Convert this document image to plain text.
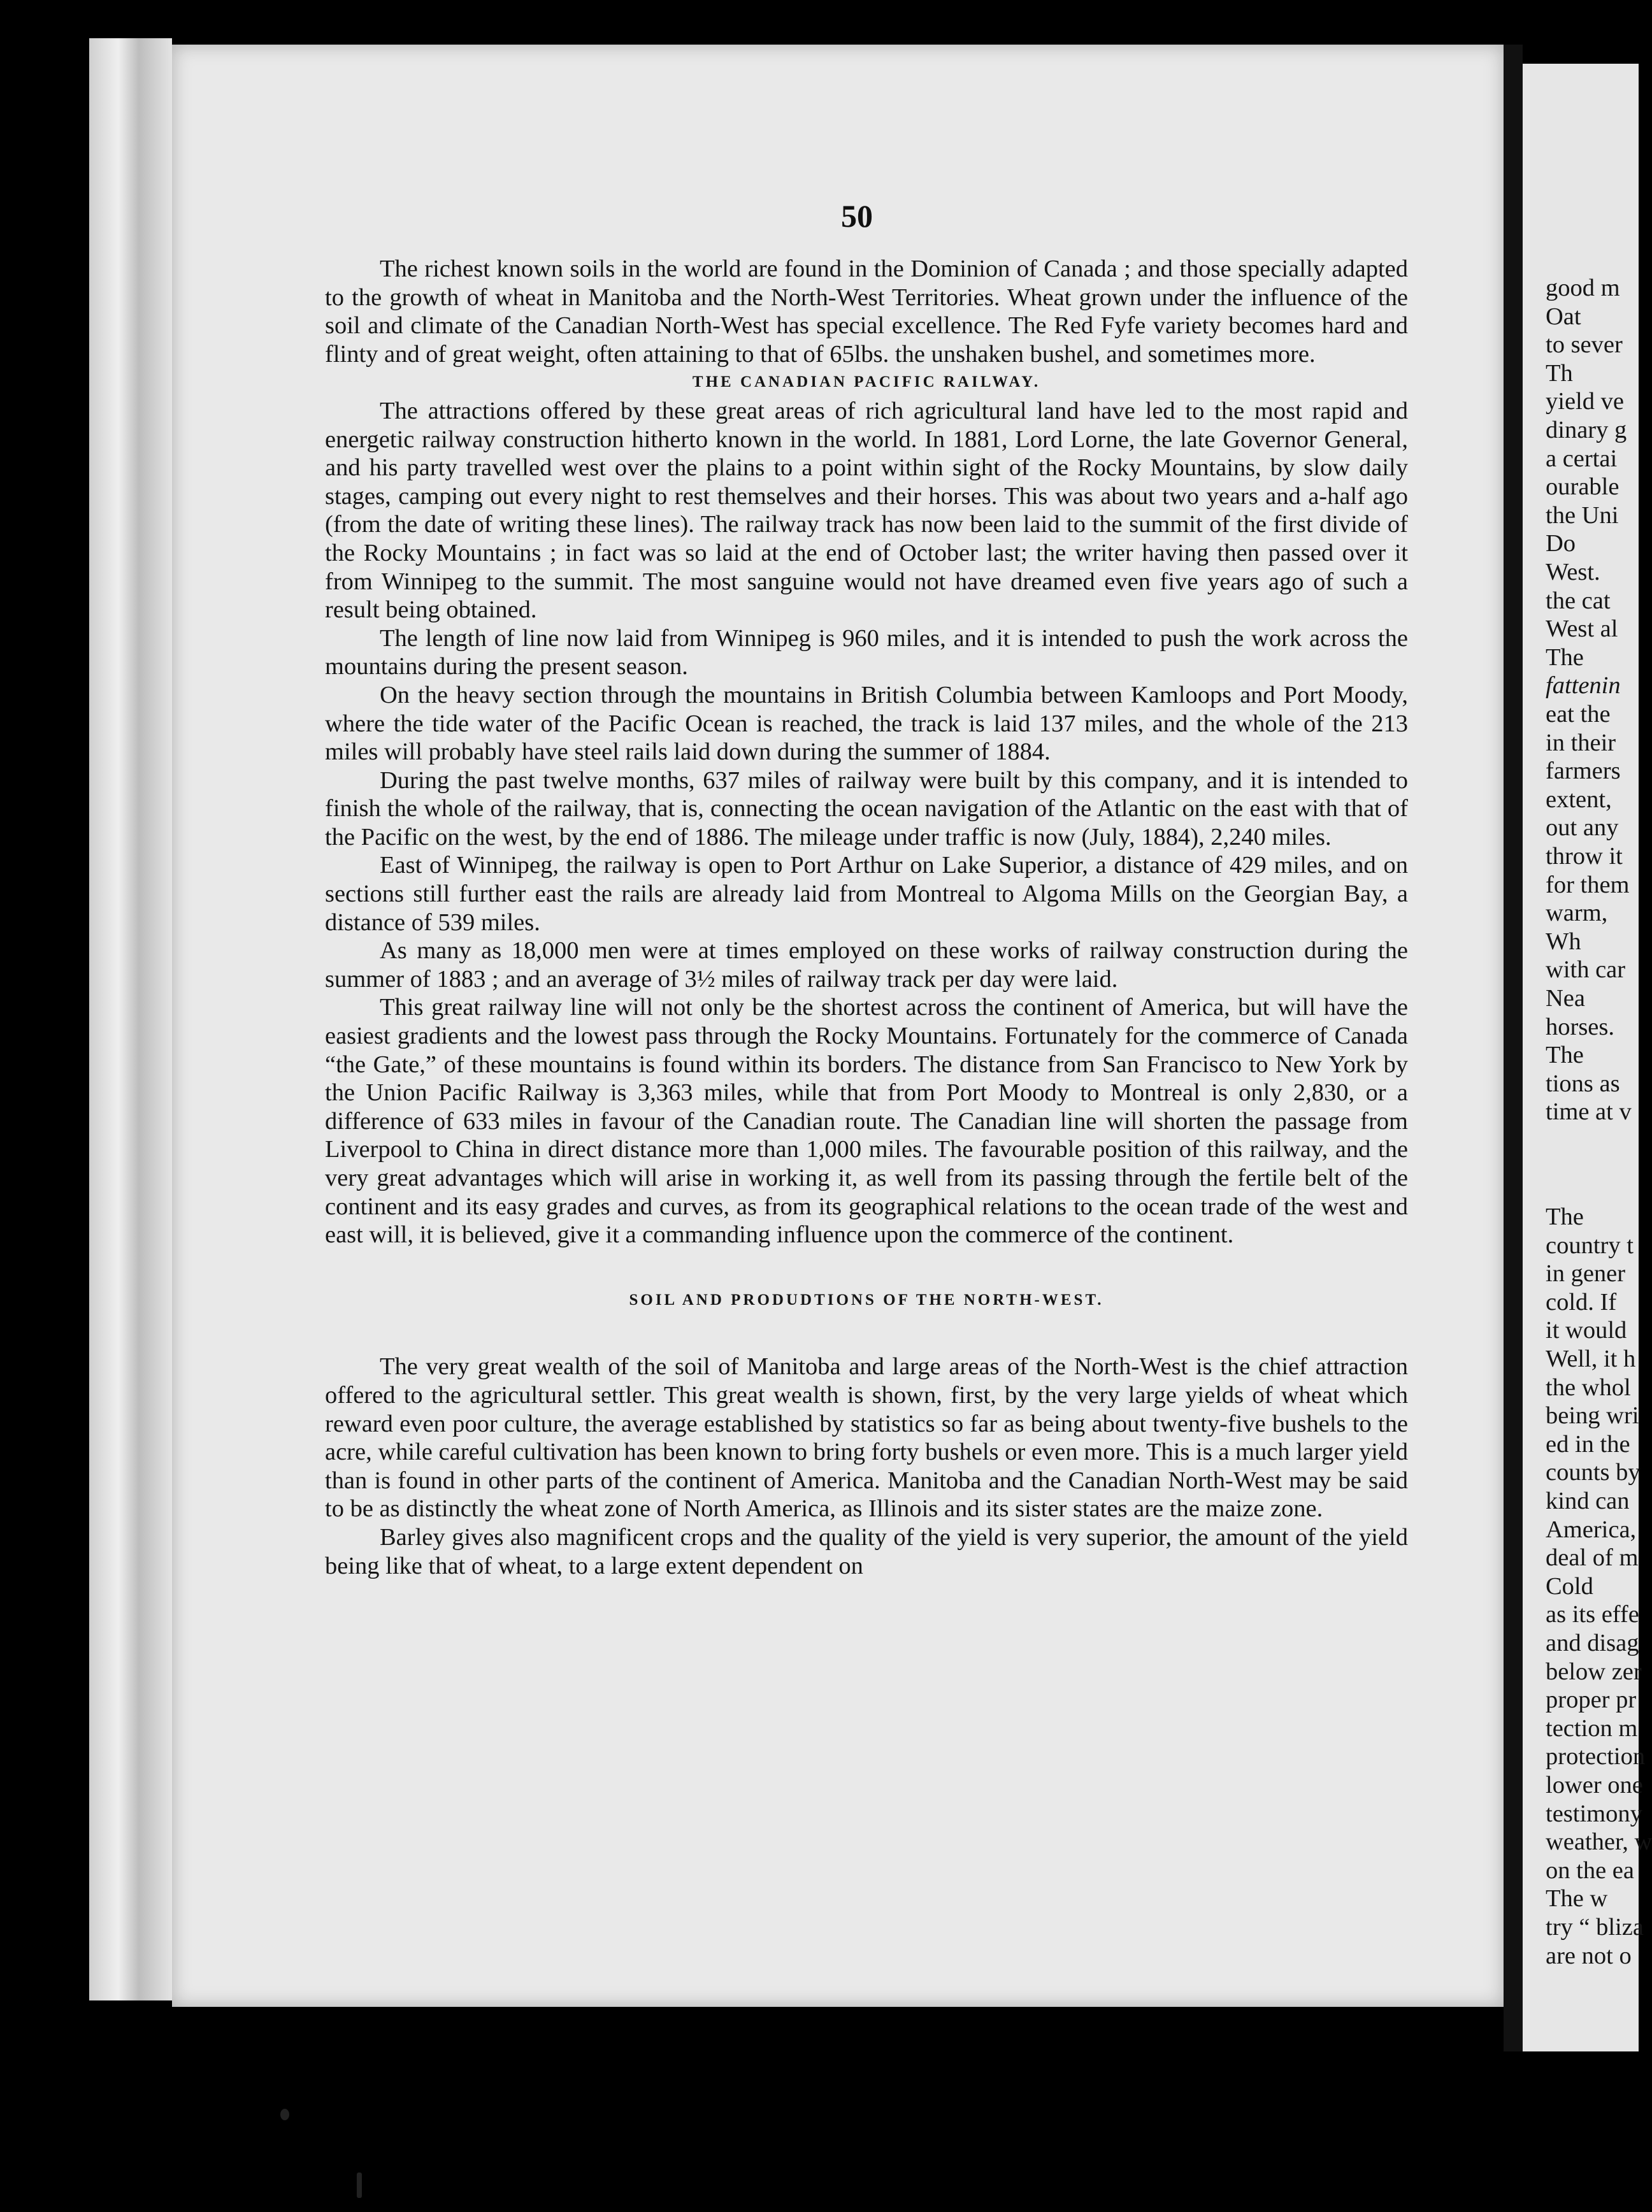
50

The richest known soils in the world are found in the Dominion of Canada ; and those specially adapted to the growth of wheat in Manitoba and the North-West Territories. Wheat grown under the influence of the soil and climate of the Canadian North-West has special excellence. The Red Fyfe variety becomes hard and flinty and of great weight, often attaining to that of 65lbs. the unshaken bushel, and sometimes more.

THE CANADIAN PACIFIC RAILWAY.

The attractions offered by these great areas of rich agricultural land have led to the most rapid and energetic railway construction hitherto known in the world. In 1881, Lord Lorne, the late Governor General, and his party travelled west over the plains to a point within sight of the Rocky Mountains, by slow daily stages, camping out every night to rest themselves and their horses. This was about two years and a-half ago (from the date of writing these lines). The railway track has now been laid to the summit of the first divide of the Rocky Mountains ; in fact was so laid at the end of October last; the writer having then passed over it from Winnipeg to the summit. The most sanguine would not have dreamed even five years ago of such a result being obtained.

The length of line now laid from Winnipeg is 960 miles, and it is intended to push the work across the mountains during the present season.

On the heavy section through the mountains in British Columbia between Kamloops and Port Moody, where the tide water of the Pacific Ocean is reached, the track is laid 137 miles, and the whole of the 213 miles will probably have steel rails laid down during the summer of 1884.

During the past twelve months, 637 miles of railway were built by this company, and it is intended to finish the whole of the railway, that is, connecting the ocean navigation of the Atlantic on the east with that of the Pacific on the west, by the end of 1886. The mileage under traffic is now (July, 1884), 2,240 miles.

East of Winnipeg, the railway is open to Port Arthur on Lake Superior, a distance of 429 miles, and on sections still further east the rails are already laid from Montreal to Algoma Mills on the Georgian Bay, a distance of 539 miles.

As many as 18,000 men were at times employed on these works of railway construction during the summer of 1883 ; and an average of 3½ miles of railway track per day were laid.

This great railway line will not only be the shortest across the continent of America, but will have the easiest gradients and the lowest pass through the Rocky Mountains. Fortunately for the commerce of Canada “the Gate,” of these mountains is found within its borders. The distance from San Francisco to New York by the Union Pacific Railway is 3,363 miles, while that from Port Moody to Montreal is only 2,830, or a difference of 633 miles in favour of the Canadian route. The Canadian line will shorten the passage from Liverpool to China in direct distance more than 1,000 miles. The favourable position of this railway, and the very great advantages which will arise in working it, as well from its passing through the fertile belt of the continent and its easy grades and curves, as from its geographical relations to the ocean trade of the west and east will, it is believed, give it a commanding influence upon the commerce of the continent.

SOIL AND PRODUDTIONS OF THE NORTH-WEST.

The very great wealth of the soil of Manitoba and large areas of the North-West is the chief attraction offered to the agricultural settler. This great wealth is shown, first, by the very large yields of wheat which reward even poor culture, the average established by statistics so far as being about twenty-five bushels to the acre, while careful cultivation has been known to bring forty bushels or even more. This is a much larger yield than is found in other parts of the continent of America. Manitoba and the Canadian North-West may be said to be as distinctly the wheat zone of North America, as Illinois and its sister states are the maize zone.

Barley gives also magnificent crops and the quality of the yield is very superior, the amount of the yield being like that of wheat, to a large extent dependent on

good m
Oat
to sever
Th
yield ve
dinary g
a certai
ourable
the Uni
Do
West.
the cat
West al
The
fattenin
eat the
in their
farmers
extent,
out any
throw it
for them
warm,
Wh
with car
Nea
horses.
The
tions as
time at v
The
country t
in gener
cold. If
it would
Well, it h
the whol
being wri
ed in the
counts by
kind can
America,
deal of m
Cold
as its effe
and disag
below zer
proper pr
tection m
protection
lower one
testimony
weather, w
on the ea
The w
try “ bliza
are not o
